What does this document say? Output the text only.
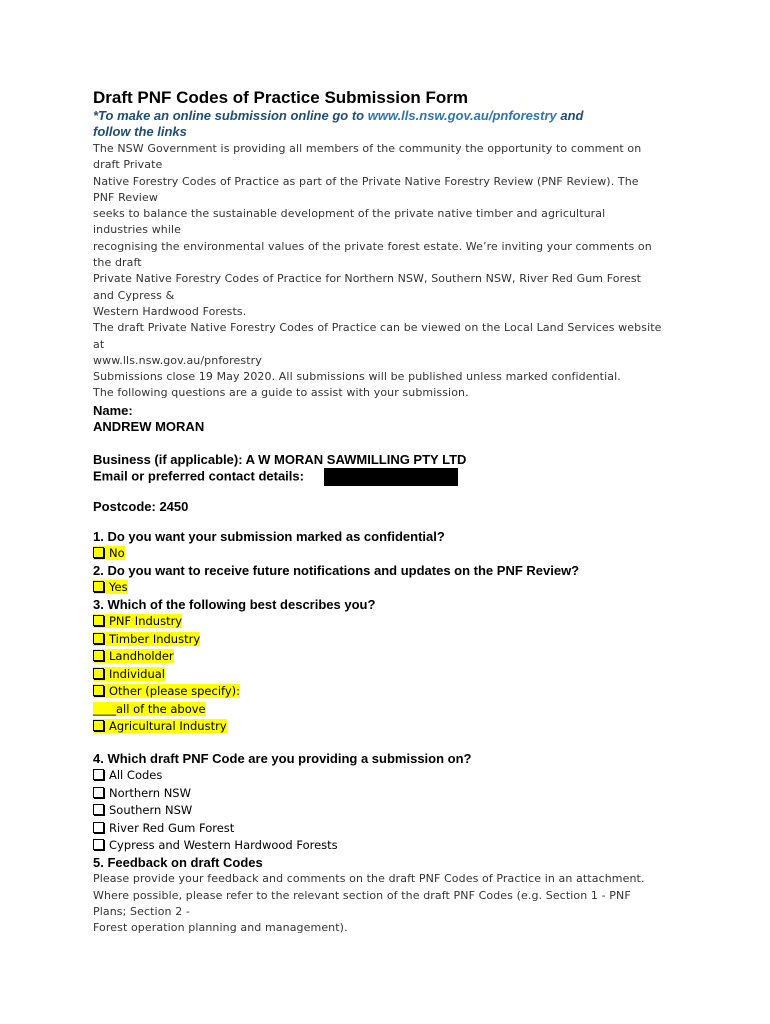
Draft PNF Codes of Practice Submission Form
*To make an online submission online go to www.lls.nsw.gov.au/pnforestry and
follow the links
The NSW Government is providing all members of the community the opportunity to comment on
draft Private
Native Forestry Codes of Practice as part of the Private Native Forestry Review (PNF Review). The
PNF Review
seeks to balance the sustainable development of the private native timber and agricultural
industries while
recognising the environmental values of the private forest estate. We’re inviting your comments on
the draft
Private Native Forestry Codes of Practice for Northern NSW, Southern NSW, River Red Gum Forest
and Cypress &
Western Hardwood Forests.
The draft Private Native Forestry Codes of Practice can be viewed on the Local Land Services website
at
www.lls.nsw.gov.au/pnforestry
Submissions close 19 May 2020. All submissions will be published unless marked confidential.
The following questions are a guide to assist with your submission.
Name:
ANDREW MORAN
Business (if applicable): A W MORAN SAWMILLING PTY LTD
Email or preferred contact details:
Postcode: 2450
1. Do you want your submission marked as confidential?
No
2. Do you want to receive future notifications and updates on the PNF Review?
Yes
3. Which of the following best describes you?
PNF Industry
Timber Industry
Landholder
Individual
Other (please specify):
____all of the above
Agricultural Industry
4. Which draft PNF Code are you providing a submission on?
All Codes
Northern NSW
Southern NSW
River Red Gum Forest
Cypress and Western Hardwood Forests
5. Feedback on draft Codes
Please provide your feedback and comments on the draft PNF Codes of Practice in an attachment.
Where possible, please refer to the relevant section of the draft PNF Codes (e.g. Section 1 - PNF
Plans; Section 2 -
Forest operation planning and management).
